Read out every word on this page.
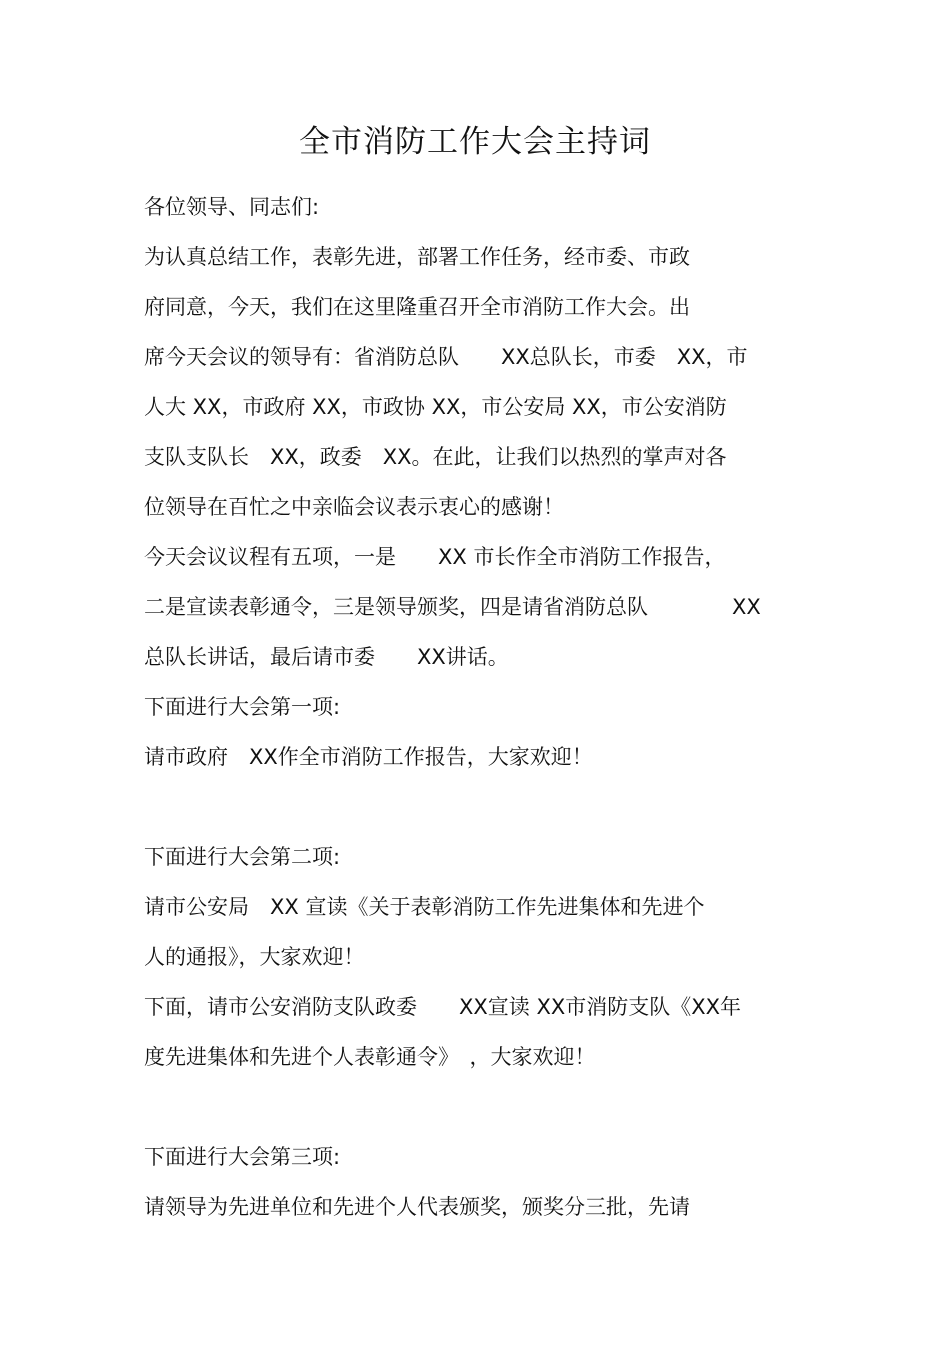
全市消防工作大会主持词
各位领导、同志们:
为认真总结工作，表彰先进，部署工作任务，经市委、市政
府同意，今天，我们在这里隆重召开全市消防工作大会。出
席今天会议的领导有：省消防总队　　XX总队长，市委　XX，市
人大 XX，市政府 XX，市政协 XX，市公安局 XX，市公安消防
支队支队长　XX，政委　XX。在此，让我们以热烈的掌声对各
位领导在百忙之中亲临会议表示衷心的感谢！
今天会议议程有五项，一是　　XX 市长作全市消防工作报告，
二是宣读表彰通令，三是领导颁奖，四是请省消防总队　　　　XX
总队长讲话，最后请市委　　XX讲话。
下面进行大会第一项:
请市政府　XX作全市消防工作报告，大家欢迎！
下面进行大会第二项:
请市公安局　XX 宣读《关于表彰消防工作先进集体和先进个
人的通报》，大家欢迎！
下面，请市公安消防支队政委　　XX宣读 XX市消防支队《XX年
度先进集体和先进个人表彰通令》　，大家欢迎！
下面进行大会第三项:
请领导为先进单位和先进个人代表颁奖，颁奖分三批，先请
